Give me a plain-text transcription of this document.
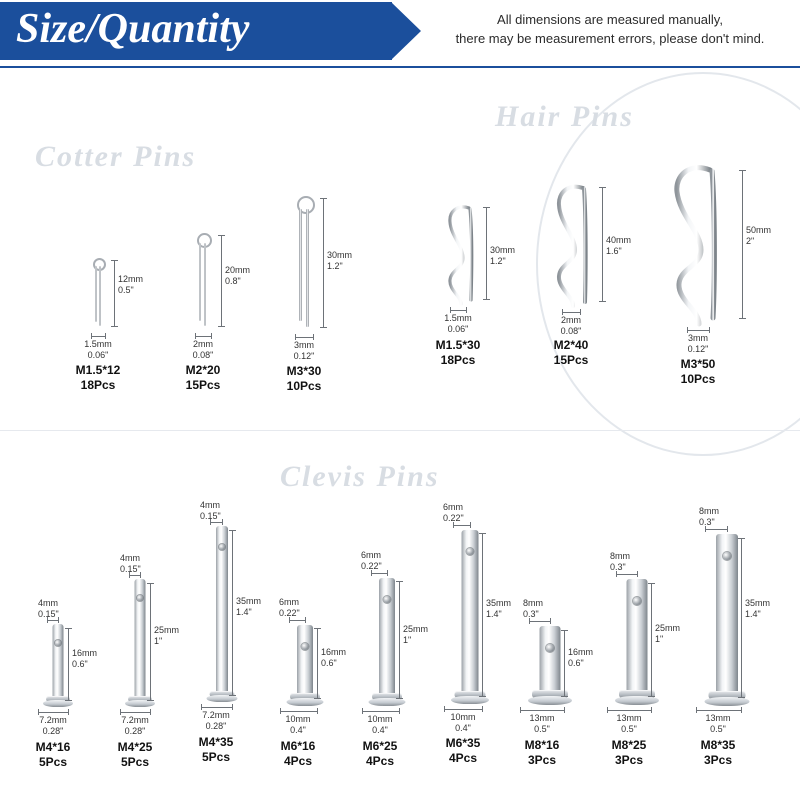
Size/Quantity	All dimensions are measured manually,
there may be measurement errors, please don't mind.
Cotter Pins
Hair Pins
Clevis Pins
12mm
0.5"
1.5mm
0.06"
M1.5*12
18Pcs
20mm
0.8"
2mm
0.08"
M2*20
15Pcs
30mm
1.2"
3mm
0.12"
M3*30
10Pcs
30mm
1.2"
1.5mm
0.06"
M1.5*30
18Pcs
40mm
1.6"
2mm
0.08"
M2*40
15Pcs
50mm
2"
3mm
0.12"
M3*50
10Pcs
4mm
0.15"
16mm
0.6"
7.2mm
0.28"
M4*16
5Pcs
4mm
0.15"
25mm
1"
7.2mm
0.28"
M4*25
5Pcs
4mm
0.15"
35mm
1.4"
7.2mm
0.28"
M4*35
5Pcs
6mm
0.22"
16mm
0.6"
10mm
0.4"
M6*16
4Pcs
6mm
0.22"
25mm
1"
10mm
0.4"
M6*25
4Pcs
6mm
0.22"
35mm
1.4"
10mm
0.4"
M6*35
4Pcs
8mm
0.3"
16mm
0.6"
13mm
0.5"
M8*16
3Pcs
8mm
0.3"
25mm
1"
13mm
0.5"
M8*25
3Pcs
8mm
0.3"
35mm
1.4"
13mm
0.5"
M8*35
3Pcs
